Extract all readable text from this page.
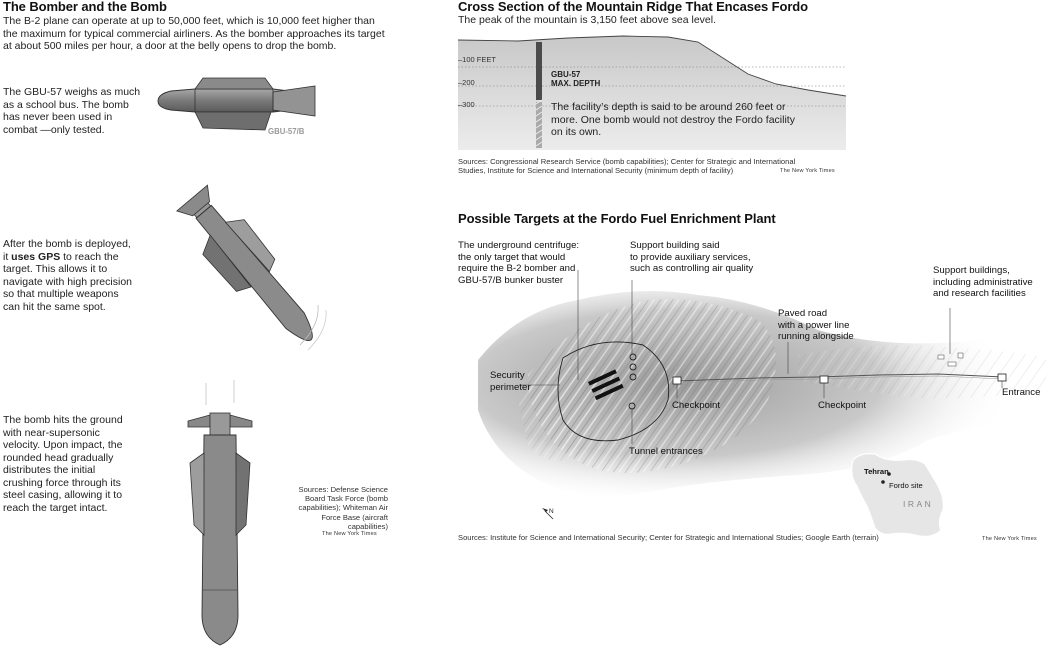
The Bomber and the Bomb
The B-2 plane can operate at up to 50,000 feet, which is 10,000 feet higher than the maximum for typical commercial airliners. As the bomber approaches its target at about 500 miles per hour, a door at the belly opens to drop the bomb.
The GBU-57 weighs as much
as a school bus. The bomb
has never been used in
combat —only tested.	GBU-57/B
After the bomb is deployed,
it uses GPS to reach the
target. This allows it to
navigate with high precision
so that multiple weapons
can hit the same spot.
The bomb hits the ground
with near-supersonic
velocity. Upon impact, the
rounded head gradually
distributes the initial
crushing force through its
steel casing, allowing it to
reach the target intact.
Sources: Defense Science
Board Task Force (bomb
capabilities); Whiteman Air
Force Base (aircraft
capabilities)
The New York Times
Cross Section of the Mountain Ridge That Encases Fordo
The peak of the mountain is 3,150 feet above sea level.
–100 FEET
–200
–300
GBU-57
MAX. DEPTH
The facility’s depth is said to be around 260 feet or
more. One bomb would not destroy the Fordo facility
on its own.
Sources: Congressional Research Service (bomb capabilities); Center for Strategic and International
Studies, Institute for Science and International Security (minimum depth of facility)	The New York Times
Possible Targets at the Fordo Fuel Enrichment Plant
The underground centrifuge:
the only target that would
require the B-2 bomber and
GBU-57/B bunker buster
Support building said
to provide auxiliary services,
such as controlling air quality	Support buildings,
including administrative
and research facilities
Paved road
with a power line
running alongside
Security
perimeter
Checkpoint	Checkpoint
Entrance
Tunnel entrances
N
Tehran
Fordo site
IRAN
Sources: Institute for Science and International Security; Center for Strategic and International Studies; Google Earth (terrain)	The New York Times
